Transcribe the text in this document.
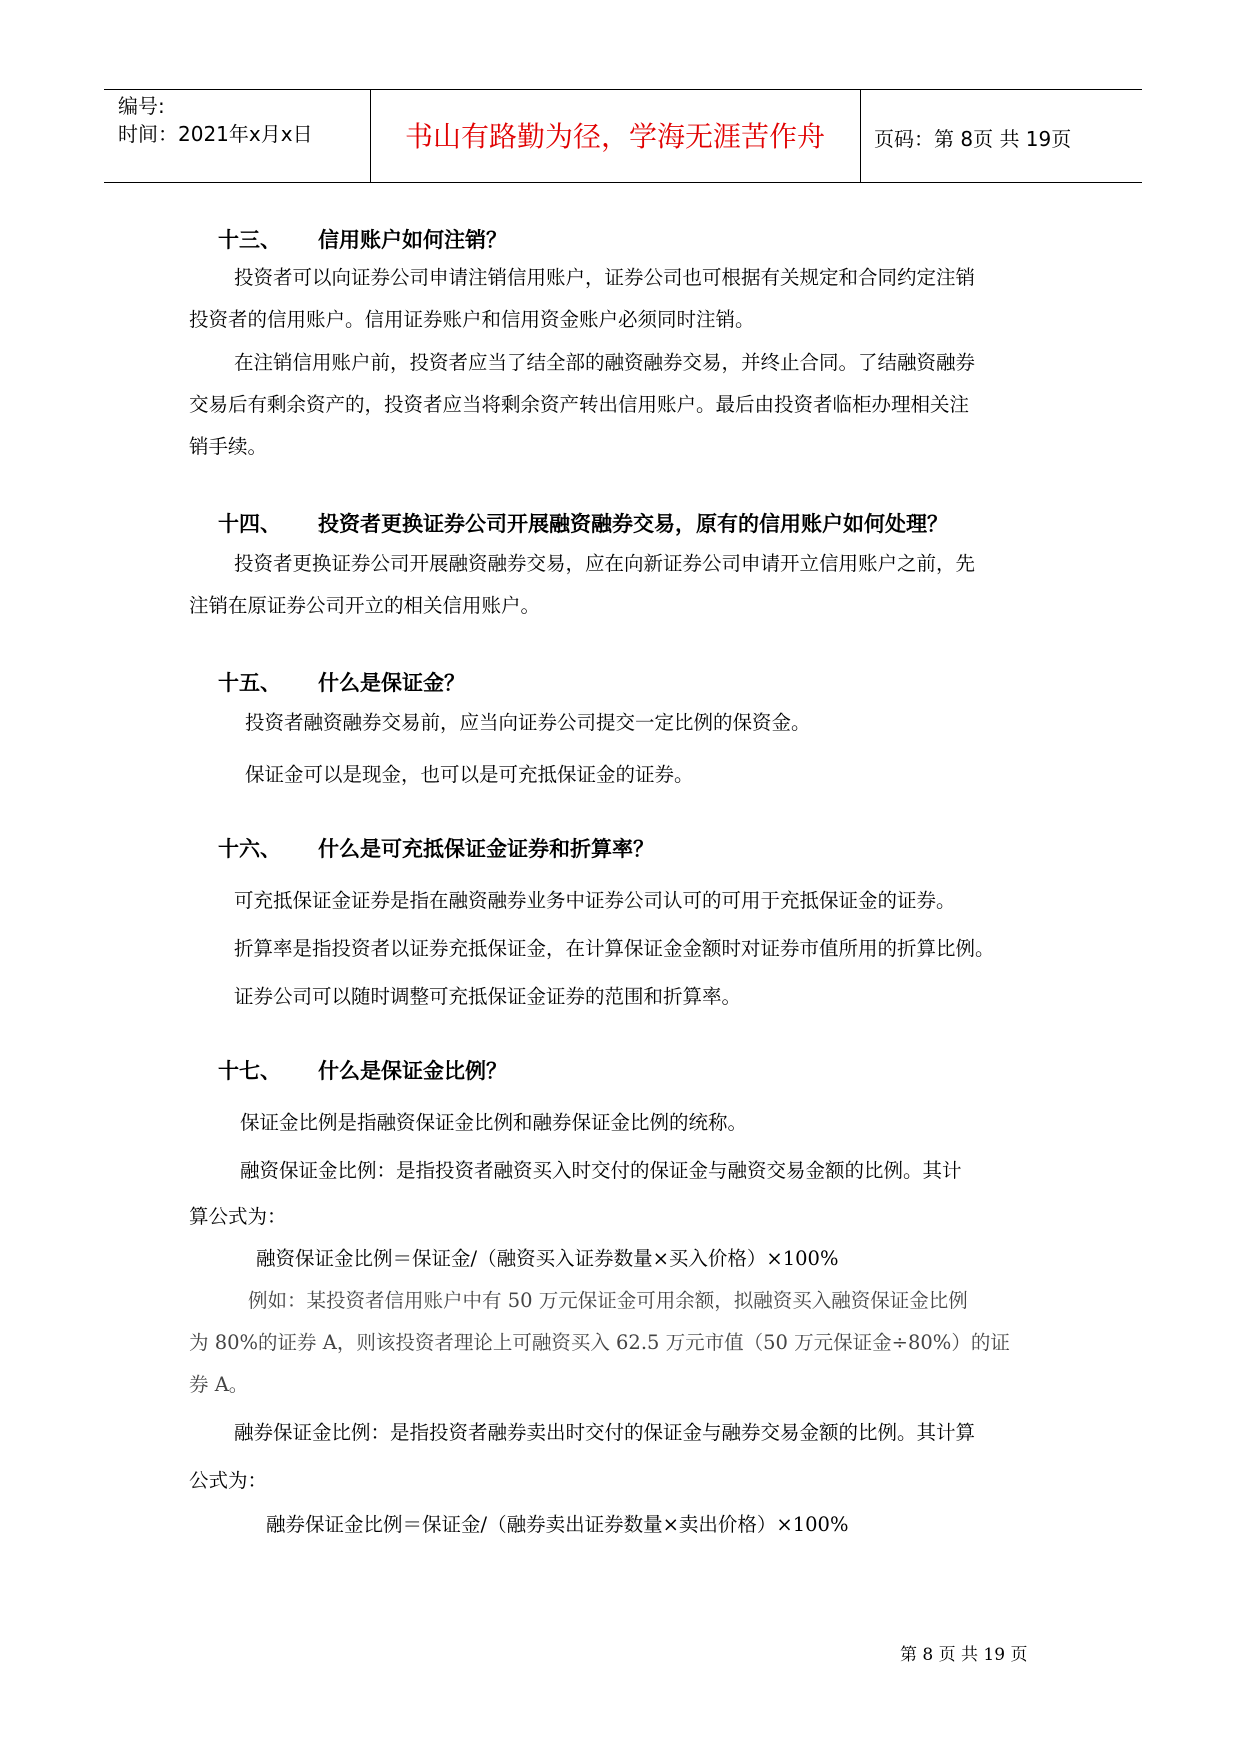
编号:
时间：2021年x月x日	书山有路勤为径，学海无涯苦作舟	页码：第 8页 共 19页
十三、 信用账户如何注销？
投资者可以向证券公司申请注销信用账户，证券公司也可根据有关规定和合同约定注销
投资者的信用账户。信用证券账户和信用资金账户必须同时注销。
在注销信用账户前，投资者应当了结全部的融资融券交易，并终止合同。了结融资融券
交易后有剩余资产的，投资者应当将剩余资产转出信用账户。最后由投资者临柜办理相关注
销手续。
十四、 投资者更换证券公司开展融资融券交易，原有的信用账户如何处理？
投资者更换证券公司开展融资融券交易，应在向新证券公司申请开立信用账户之前，先
注销在原证券公司开立的相关信用账户。
十五、 什么是保证金？
投资者融资融券交易前，应当向证券公司提交一定比例的保资金。
保证金可以是现金，也可以是可充抵保证金的证券。
十六、 什么是可充抵保证金证券和折算率？
可充抵保证金证券是指在融资融券业务中证券公司认可的可用于充抵保证金的证券。
折算率是指投资者以证券充抵保证金，在计算保证金金额时对证券市值所用的折算比例。
证券公司可以随时调整可充抵保证金证券的范围和折算率。
十七、 什么是保证金比例？
保证金比例是指融资保证金比例和融券保证金比例的统称。
融资保证金比例：是指投资者融资买入时交付的保证金与融资交易金额的比例。其计
算公式为：
融资保证金比例＝保证金/（融资买入证券数量×买入价格）×100%
例如：某投资者信用账户中有 50 万元保证金可用余额，拟融资买入融资保证金比例
为 80%的证券 A，则该投资者理论上可融资买入 62.5 万元市值（50 万元保证金÷80%）的证
券 A。
融券保证金比例：是指投资者融券卖出时交付的保证金与融券交易金额的比例。其计算
公式为：
融券保证金比例＝保证金/（融券卖出证券数量×卖出价格）×100%
第 8 页 共 19 页
